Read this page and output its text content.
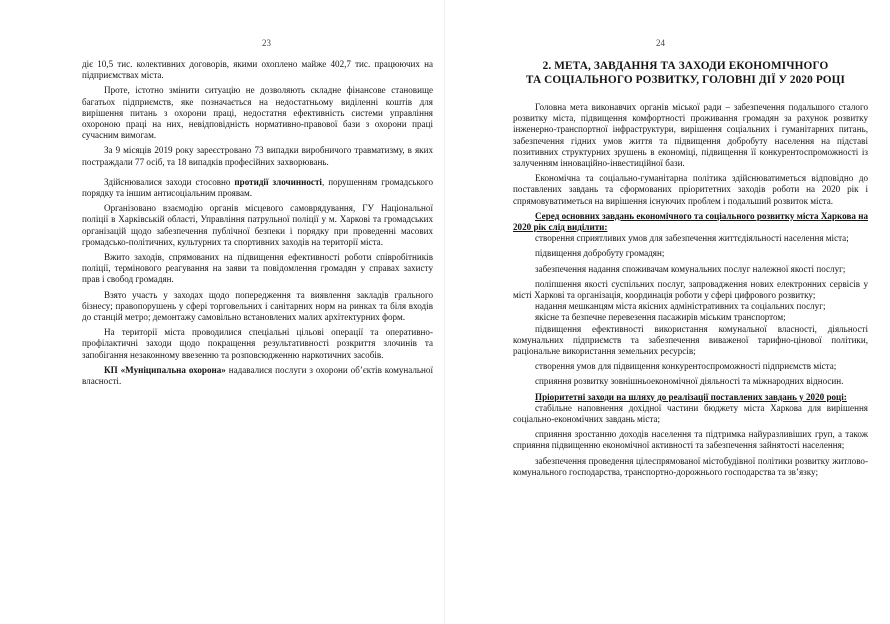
23

діє 10,5 тис. колективних договорів, якими охоплено майже 402,7 тис. працюючих на підприємствах міста.

Проте, істотно змінити ситуацію не дозволяють складне фінансове становище багатьох підприємств, яке позначається на недостатньому виділенні коштів для вирішення питань з охорони праці, недостатня ефективність системи управління охороною праці на них, невідповідність нормативно-правової бази з охорони праці сучасним вимогам.

За 9 місяців 2019 року зареєстровано 73 випадки виробничого травматизму, в яких постраждали 77 осіб, та 18 випадків професійних захворювань.

Здійснювалися заходи стосовно протидії злочинності, порушенням громадського порядку та іншим антисоціальним проявам.

Організовано взаємодію органів місцевого самоврядування, ГУ Національної поліції в Харківській області, Управління патрульної поліції у м. Харкові та громадських організацій щодо забезпечення публічної безпеки і порядку при проведенні масових громадсько-політичних, культурних та спортивних заходів на території міста.

Вжито заходів, спрямованих на підвищення ефективності роботи співробітників поліції, термінового реагування на заяви та повідомлення громадян у справах захисту прав і свобод громадян.

Взято участь у заходах щодо попередження та виявлення закладів грального бізнесу; правопорушень у сфері торговельних і санітарних норм на ринках та біля входів до станцій метро; демонтажу самовільно встановлених малих архітектурних форм.

На території міста проводилися спеціальні цільові операції та оперативно-профілактичні заходи щодо покращення результативності розкриття злочинів та запобігання незаконному ввезенню та розповсюдженню наркотичних засобів.

КП «Муніципальна охорона» надавалися послуги з охорони об’єктів комунальної власності.

24
2. МЕТА, ЗАВДАННЯ ТА ЗАХОДИ ЕКОНОМІЧНОГО
ТА СОЦІАЛЬНОГО РОЗВИТКУ, ГОЛОВНІ ДІЇ У 2020 РОЦІ

Головна мета виконавчих органів міської ради – забезпечення подальшого сталого розвитку міста, підвищення комфортності проживання громадян за рахунок розвитку інженерно-транспортної інфраструктури, вирішення соціальних і гуманітарних питань, забезпечення гідних умов життя та підвищення добробуту населення на підставі позитивних структурних зрушень в економіці, підвищення її конкурентоспроможності із залученням інноваційно-інвестиційної бази.

Економічна та соціально-гуманітарна політика здійснюватиметься відповідно до поставлених завдань та сформованих пріоритетних заходів роботи на 2020 рік і спрямовуватиметься на вирішення існуючих проблем і подальший розвиток міста.

Серед основних завдань економічного та соціального розвитку міста Харкова на 2020 рік слід виділити:

створення сприятливих умов для забезпечення життєдіяльності населення міста;

підвищення добробуту громадян;

забезпечення надання споживачам комунальних послуг належної якості послуг;

поліпшення якості суспільних послуг, запровадження нових електронних сервісів у місті Харкові та організація, координація роботи у сфері цифрового розвитку;

надання мешканцям міста якісних адміністративних та соціальних послуг;

якісне та безпечне перевезення пасажирів міським транспортом;

підвищення ефективності використання комунальної власності, діяльності комунальних підприємств та забезпечення виваженої тарифно-цінової політики, раціональне використання земельних ресурсів;

створення умов для підвищення конкурентоспроможності підприємств міста;

сприяння розвитку зовнішньоекономічної діяльності та міжнародних відносин.

Пріоритетні заходи на шляху до реалізації поставлених завдань у 2020 році:

стабільне наповнення дохідної частини бюджету міста Харкова для вирішення соціально-економічних завдань міста;

сприяння зростанню доходів населення та підтримка найуразливіших груп, а також сприяння підвищенню економічної активності та забезпечення зайнятості населення;

забезпечення проведення цілеспрямованої містобудівної політики розвитку житлово-комунального господарства, транспортно-дорожнього господарства та зв’язку;
